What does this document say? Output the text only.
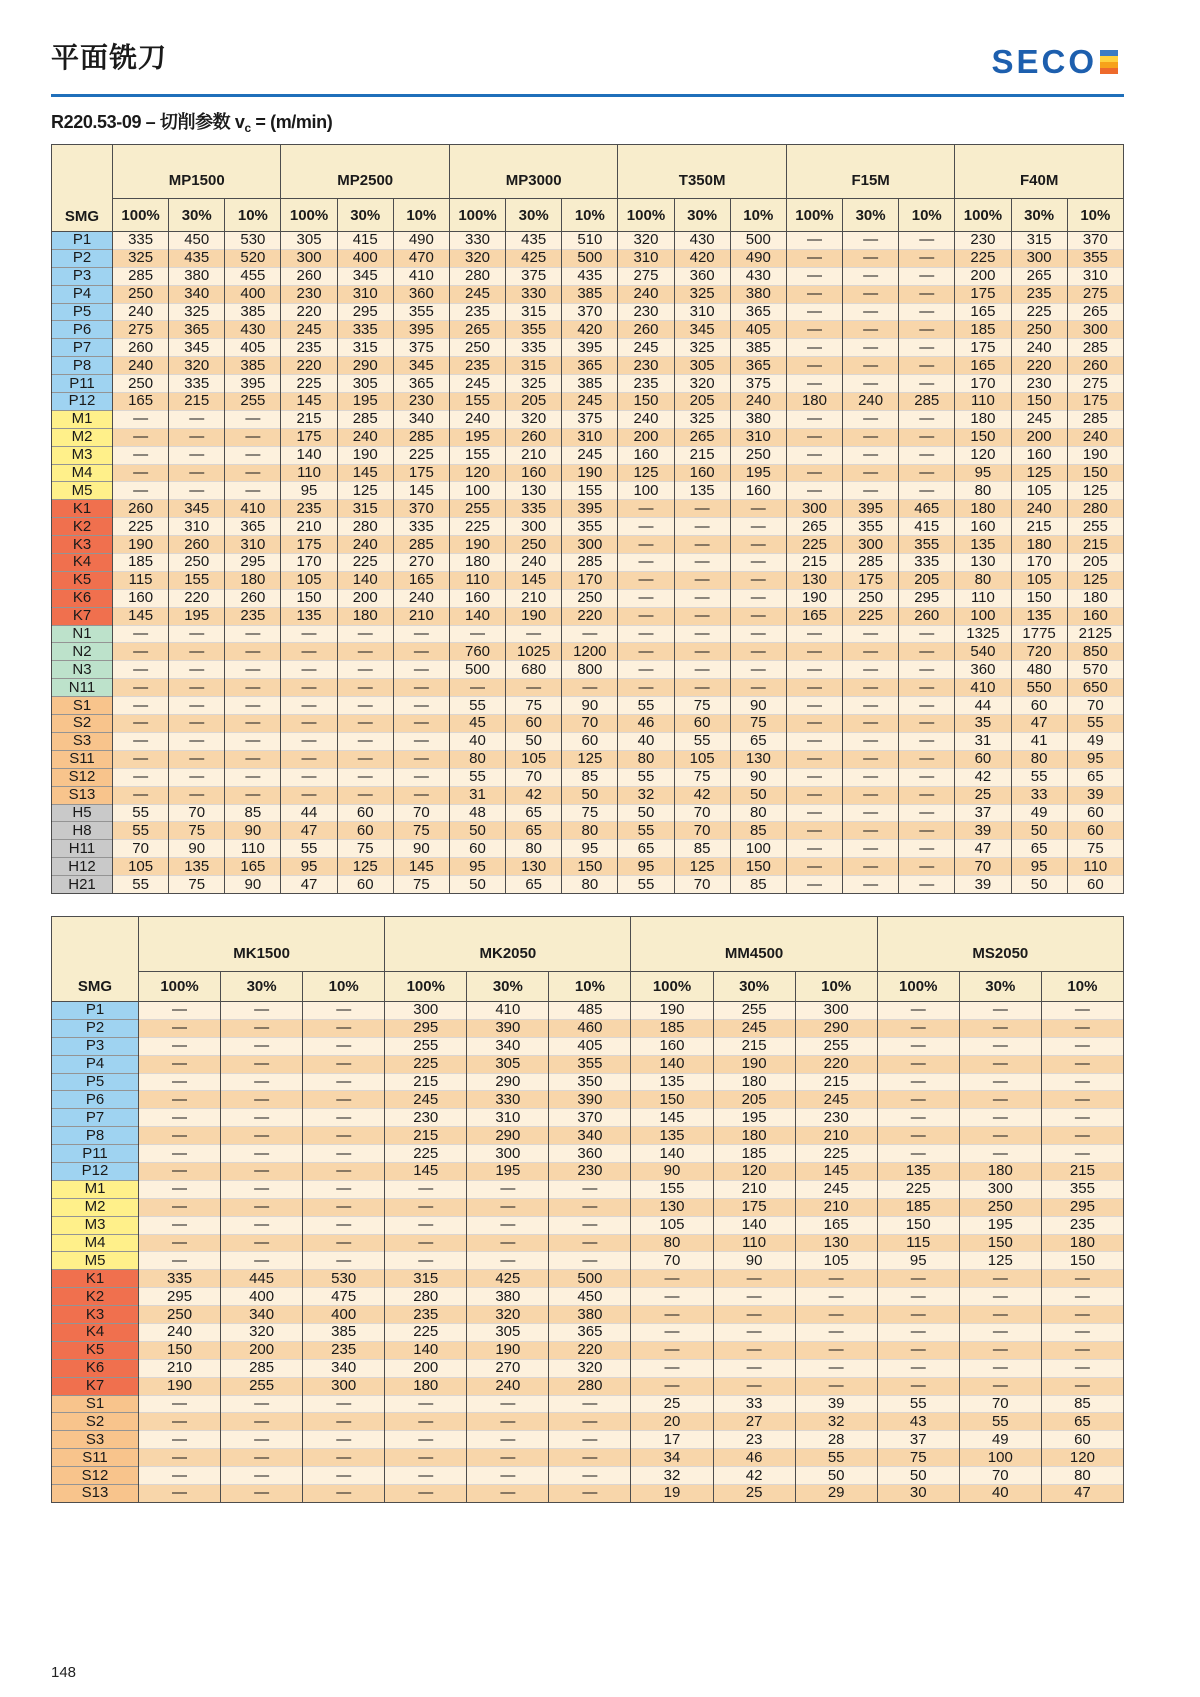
平面铣刀	SECO
R220.53-09 – 切削参数 $v_c = (m/\min)$
SMG	MP1500			MP2500			MP3000			T350M			F15M			F40M		
	100%	30%	10%	100%	30%	10%	100%	30%	10%	100%	30%	10%	100%	30%	10%	100%	30%	10%
P1	335	450	530	305	415	490	330	435	510	320	430	500	—	—	—	230	315	370
P2	325	435	520	300	400	470	320	425	500	310	420	490	—	—	—	225	300	355
P3	285	380	455	260	345	410	280	375	435	275	360	430	—	—	—	200	265	310
P4	250	340	400	230	310	360	245	330	385	240	325	380	—	—	—	175	235	275
P5	240	325	385	220	295	355	235	315	370	230	310	365	—	—	—	165	225	265
P6	275	365	430	245	335	395	265	355	420	260	345	405	—	—	—	185	250	300
P7	260	345	405	235	315	375	250	335	395	245	325	385	—	—	—	175	240	285
P8	240	320	385	220	290	345	235	315	365	230	305	365	—	—	—	165	220	260
P11	250	335	395	225	305	365	245	325	385	235	320	375	—	—	—	170	230	275
P12	165	215	255	145	195	230	155	205	245	150	205	240	180	240	285	110	150	175
M1	—	—	—	215	285	340	240	320	375	240	325	380	—	—	—	180	245	285
M2	—	—	—	175	240	285	195	260	310	200	265	310	—	—	—	150	200	240
M3	—	—	—	140	190	225	155	210	245	160	215	250	—	—	—	120	160	190
M4	—	—	—	110	145	175	120	160	190	125	160	195	—	—	—	95	125	150
M5	—	—	—	95	125	145	100	130	155	100	135	160	—	—	—	80	105	125
K1	260	345	410	235	315	370	255	335	395	—	—	—	300	395	465	180	240	280
K2	225	310	365	210	280	335	225	300	355	—	—	—	265	355	415	160	215	255
K3	190	260	310	175	240	285	190	250	300	—	—	—	225	300	355	135	180	215
K4	185	250	295	170	225	270	180	240	285	—	—	—	215	285	335	130	170	205
K5	115	155	180	105	140	165	110	145	170	—	—	—	130	175	205	80	105	125
K6	160	220	260	150	200	240	160	210	250	—	—	—	190	250	295	110	150	180
K7	145	195	235	135	180	210	140	190	220	—	—	—	165	225	260	100	135	160
N1	—	—	—	—	—	—	—	—	—	—	—	—	—	—	—	1325	1775	2125
N2	—	—	—	—	—	—	760	1025	1200	—	—	—	—	—	—	540	720	850
N3	—	—	—	—	—	—	500	680	800	—	—	—	—	—	—	360	480	570
N11	—	—	—	—	—	—	—	—	—	—	—	—	—	—	—	410	550	650
S1	—	—	—	—	—	—	55	75	90	55	75	90	—	—	—	44	60	70
S2	—	—	—	—	—	—	45	60	70	46	60	75	—	—	—	35	47	55
S3	—	—	—	—	—	—	40	50	60	40	55	65	—	—	—	31	41	49
S11	—	—	—	—	—	—	80	105	125	80	105	130	—	—	—	60	80	95
S12	—	—	—	—	—	—	55	70	85	55	75	90	—	—	—	42	55	65
S13	—	—	—	—	—	—	31	42	50	32	42	50	—	—	—	25	33	39
H5	55	70	85	44	60	70	48	65	75	50	70	80	—	—	—	37	49	60
H8	55	75	90	47	60	75	50	65	80	55	70	85	—	—	—	39	50	60
H11	70	90	110	55	75	90	60	80	95	65	85	100	—	—	—	47	65	75
H12	105	135	165	95	125	145	95	130	150	95	125	150	—	—	—	70	95	110
H21	55	75	90	47	60	75	50	65	80	55	70	85	—	—	—	39	50	60
SMG	MK1500			MK2050			MM4500			MS2050		
	100%	30%	10%	100%	30%	10%	100%	30%	10%	100%	30%	10%
P1	—	—	—	300	410	485	190	255	300	—	—	—
P2	—	—	—	295	390	460	185	245	290	—	—	—
P3	—	—	—	255	340	405	160	215	255	—	—	—
P4	—	—	—	225	305	355	140	190	220	—	—	—
P5	—	—	—	215	290	350	135	180	215	—	—	—
P6	—	—	—	245	330	390	150	205	245	—	—	—
P7	—	—	—	230	310	370	145	195	230	—	—	—
P8	—	—	—	215	290	340	135	180	210	—	—	—
P11	—	—	—	225	300	360	140	185	225	—	—	—
P12	—	—	—	145	195	230	90	120	145	135	180	215
M1	—	—	—	—	—	—	155	210	245	225	300	355
M2	—	—	—	—	—	—	130	175	210	185	250	295
M3	—	—	—	—	—	—	105	140	165	150	195	235
M4	—	—	—	—	—	—	80	110	130	115	150	180
M5	—	—	—	—	—	—	70	90	105	95	125	150
K1	335	445	530	315	425	500	—	—	—	—	—	—
K2	295	400	475	280	380	450	—	—	—	—	—	—
K3	250	340	400	235	320	380	—	—	—	—	—	—
K4	240	320	385	225	305	365	—	—	—	—	—	—
K5	150	200	235	140	190	220	—	—	—	—	—	—
K6	210	285	340	200	270	320	—	—	—	—	—	—
K7	190	255	300	180	240	280	—	—	—	—	—	—
S1	—	—	—	—	—	—	25	33	39	55	70	85
S2	—	—	—	—	—	—	20	27	32	43	55	65
S3	—	—	—	—	—	—	17	23	28	37	49	60
S11	—	—	—	—	—	—	34	46	55	75	100	120
S12	—	—	—	—	—	—	32	42	50	50	70	80
S13	—	—	—	—	—	—	19	25	29	30	40	47
148
